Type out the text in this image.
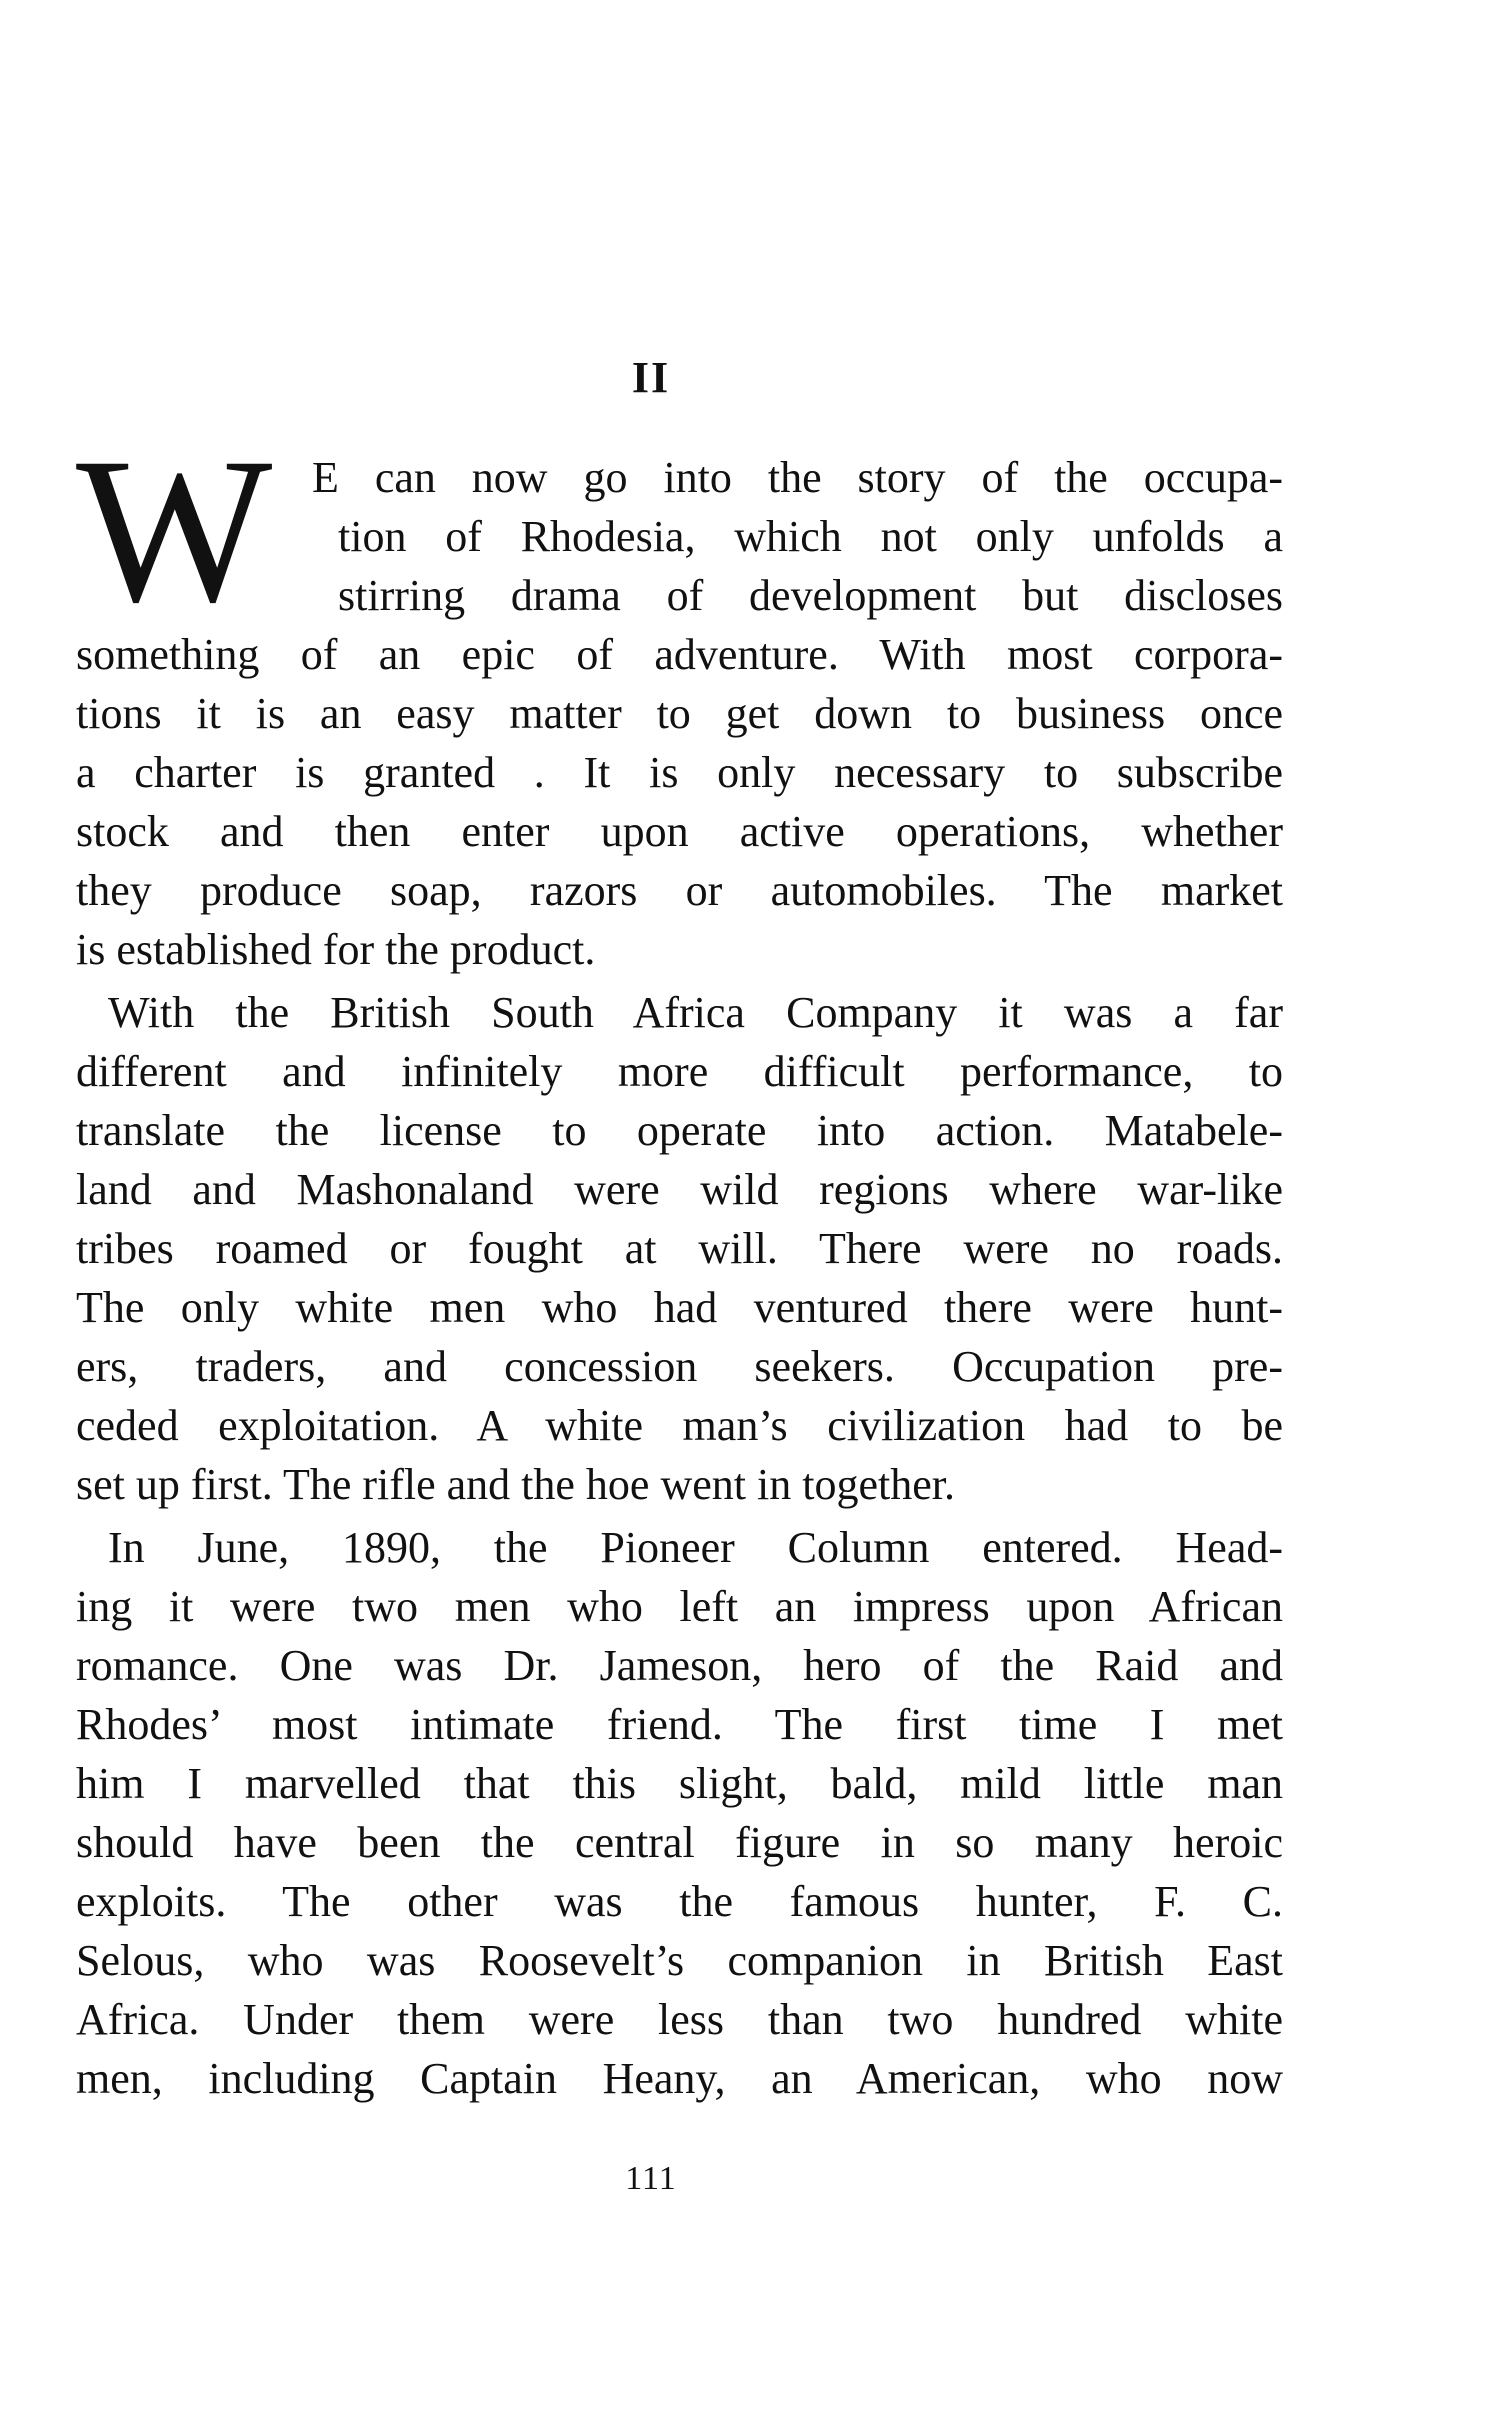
II
W E can now go into the story of the occupa-
tion of Rhodesia, which not only unfolds a
stirring drama of development but discloses
something of an epic of adventure. With most corpora-
tions it is an easy matter to get down to business once
a charter is granted . It is only necessary to subscribe
stock and then enter upon active operations, whether
they produce soap, razors or automobiles. The market
is established for the product.
With the British South Africa Company it was a far
different and infinitely more difficult performance, to
translate the license to operate into action. Matabele-
land and Mashonaland were wild regions where war-like
tribes roamed or fought at will. There were no roads.
The only white men who had ventured there were hunt-
ers, traders, and concession seekers. Occupation pre-
ceded exploitation. A white man’s civilization had to be
set up first. The rifle and the hoe went in together.
In June, 1890, the Pioneer Column entered. Head-
ing it were two men who left an impress upon African
romance. One was Dr. Jameson, hero of the Raid and
Rhodes’ most intimate friend. The first time I met
him I marvelled that this slight, bald, mild little man
should have been the central figure in so many heroic
exploits. The other was the famous hunter, F. C.
Selous, who was Roosevelt’s companion in British East
Africa. Under them were less than two hundred white
men, including Captain Heany, an American, who now
111
